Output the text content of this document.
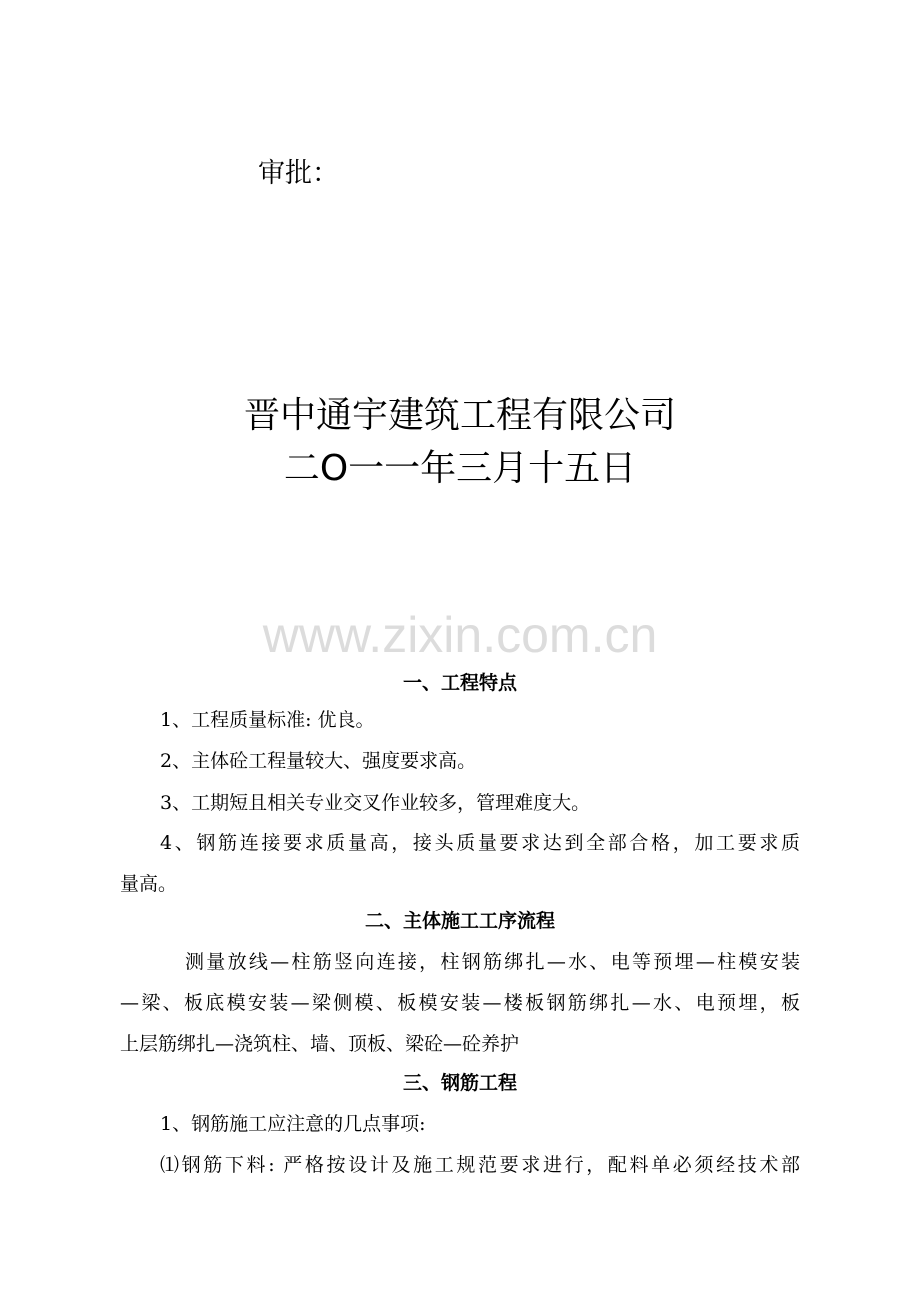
审批：
晋中通宇建筑工程有限公司
二O一一年三月十五日
www.zixin.com.cn
一、工程特点
1、工程质量标准: 优良。
2、主体砼工程量较大、强度要求高。
3、工期短且相关专业交叉作业较多，管理难度大。
4、钢筋连接要求质量高，接头质量要求达到全部合格，加工要求质
量高。
二、主体施工工序流程
测量放线—柱筋竖向连接，柱钢筋绑扎—水、电等预埋—柱模安装
—梁、板底模安装—梁侧模、板模安装—楼板钢筋绑扎—水、电预埋，板
上层筋绑扎—浇筑柱、墙、顶板、梁砼—砼养护
三、钢筋工程
1、钢筋施工应注意的几点事项:
⑴钢筋下料: 严格按设计及施工规范要求进行，配料单必须经技术部
